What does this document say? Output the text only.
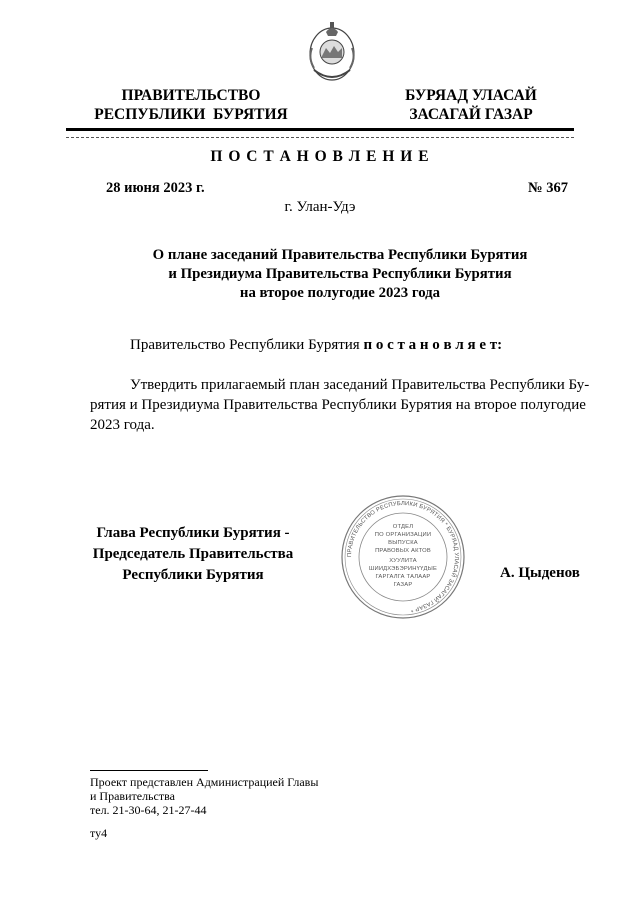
ПРАВИТЕЛЬСТВО
РЕСПУБЛИКИ  БУРЯТИЯ
БУРЯАД УЛАСАЙ
ЗАСАГАЙ ГАЗАР
П О С Т А Н О В Л Е Н И Е
28 июня 2023 г.	№ 367
г. Улан-Удэ
О плане заседаний Правительства Республики Бурятия
и Президиума Правительства Республики Бурятия
на второе полугодие 2023 года
Правительство Республики Бурятия п о с т а н о в л я е т:
Утвердить прилагаемый план заседаний Правительства Республики Бу-
рятия и Президиума Правительства Республики Бурятия на второе полугодие
2023 года.
Глава Республики Бурятия -
Председатель Правительства
Республики Бурятия	А. Цыденов
ПРАВИТЕЛЬСТВО РЕСПУБЛИКИ БУРЯТИЯ * БУРЯАД УЛАСАЙ ЗАСАГАЙ ГАЗАР *
ОТДЕЛ
ПО ОРГАНИЗАЦИИ
ВЫПУСКА
ПРАВОВЫХ АКТОВ
ХУУЛИТА
ШИИДХЭБЭРИНҮҮДЫЕ
ГАРГАЛГА ТАЛААР
ГАЗАР
Проект представлен Администрацией Главы
и Правительства
тел. 21-30-64, 21-27-44
ту4
